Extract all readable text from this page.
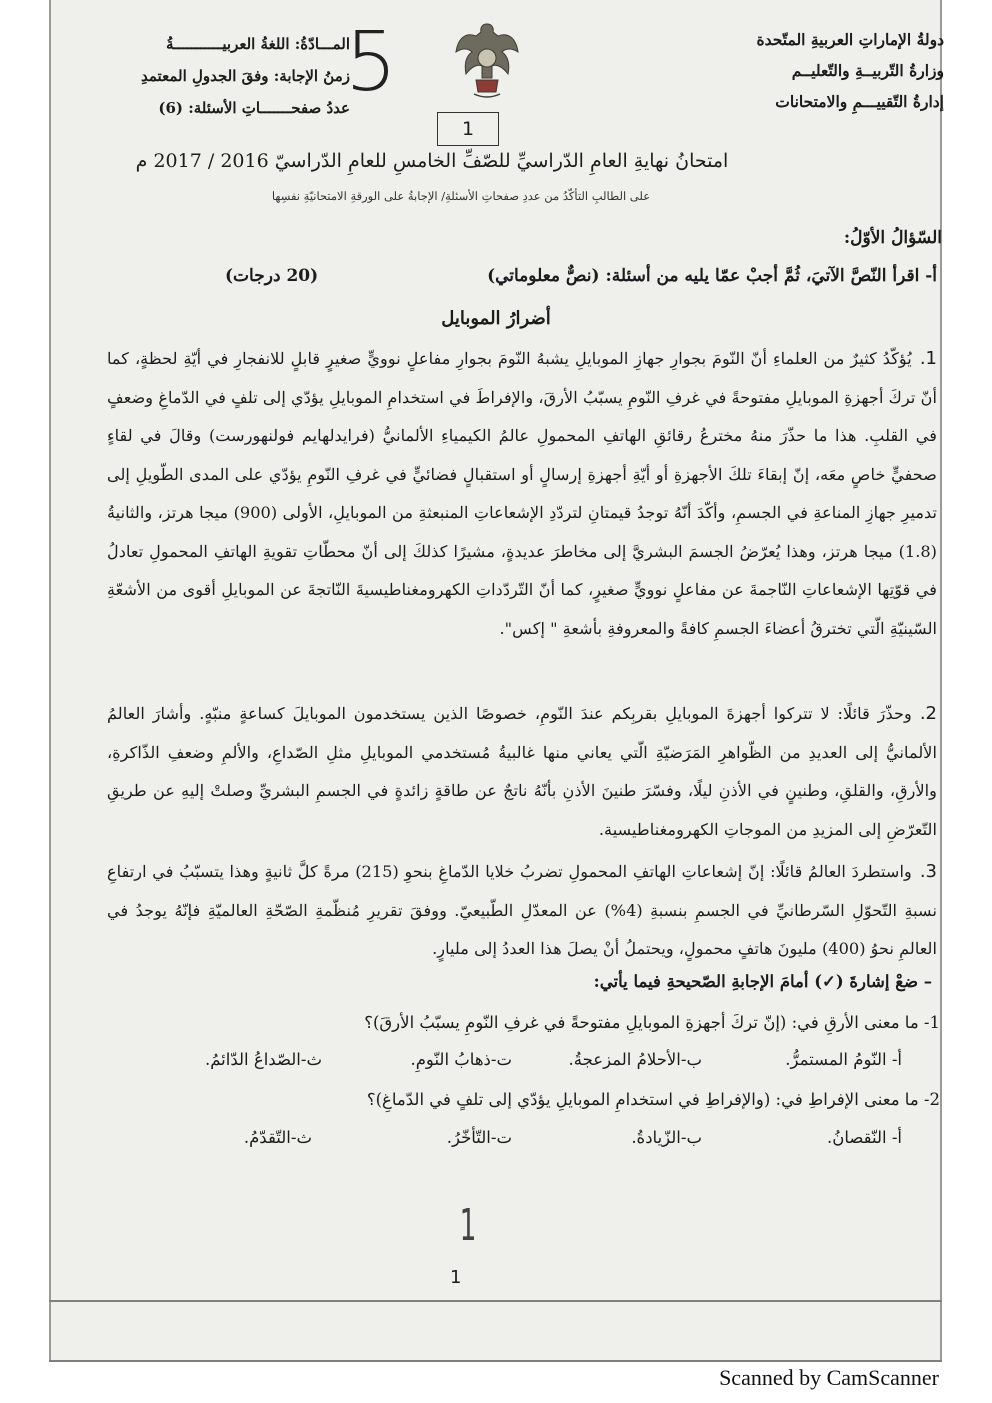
دولةُ الإماراتِ العربيةِ المتّحدة
وزارةُ التّربيــةِ والتّعليــم
إدارةُ التّقييـــمِ والامتحانات
5
المـــادّةُ: اللغةُ العربيـــــــــــةُ
زمنُ الإجابة: وفقَ الجدولِ المعتمدِ
عددُ صفحـــــــاتِ الأسئلة: (6)
1
امتحانُ نهايةِ العامِ الدّراسيِّ للصّفِّ الخامسِ للعامِ الدّراسيّ 2016 / 2017 م
على الطالبِ التأكّدُ من عددِ صفحاتِ الأسئلةِ/ الإجابةُ على الورقةِ الامتحانيّةِ نفسِها
السّؤالُ الأوّلُ:
أ- اقرأ النّصَّ الآتيَ، ثُمَّ أجبْ عمّا يليه من أسئلة: (نصٌّ معلوماتي)
(20 درجات)
أضرارُ الموبايل
1.يُؤكّدُ كثيرٌ من العلماءِ أنّ النّومَ بجوارِ جهازِ الموبايلِ يشبهُ النّومَ بجوارِ مفاعلٍ نوويٍّ صغيرٍ قابلٍ للانفجارِ في أيّةِ لحظةٍ، كما أنّ تركَ أجهزةِ الموبايلِ مفتوحةً في غرفِ النّومِ يسبّبُ الأرقَ، والإفراطَ في استخدامِ الموبايلِ يؤدّي إلى تلفٍ في الدّماغِ وضعفٍ في القلبِ. هذا ما حذّرَ منهُ مخترعُ رقائقِ الهاتفِ المحمولِ عالمُ الكيمياءِ الألمانيُّ (فرايدلهايم فولنهورست) وقالَ في لقاءٍ صحفيٍّ خاصٍ معَه، إنّ إبقاءَ تلكَ الأجهزةِ أو أيّةِ أجهزةِ إرسالٍ أو استقبالٍ فضائيٍّ في غرفِ النّومِ يؤدّي على المدى الطّويلِ إلى تدميرِ جهازِ المناعةِ في الجسمِ، وأكّدَ أنّهُ توجدُ قيمتانِ لتردّدِ الإشعاعاتِ المنبعثةِ من الموبايلِ، الأولى (900) ميجا هرتز، والثانيةُ (1.8) ميجا هرتز، وهذا يُعرّضُ الجسمَ البشريَّ إلى مخاطرَ عديدةٍ، مشيرًا كذلكَ إلى أنّ محطّاتِ تقويةِ الهاتفِ المحمولِ تعادلُ في قوّتِها الإشعاعاتِ النّاجمةَ عن مفاعلٍ نوويٍّ صغيرٍ، كما أنّ التّردّداتِ الكهرومغناطيسيةَ النّاتجةَ عن الموبايلِ أقوى من الأشعّةِ السّينيّةِ الّتي تخترقُ أعضاءَ الجسمِ كافةً والمعروفةِ بأشعةِ " إكس".
2.وحذّرَ قائلًا: لا تتركوا أجهزةَ الموبايلِ بقربِكم عندَ النّومِ، خصوصًا الذين يستخدمون الموبايلَ كساعةٍ منبّهٍ. وأشارَ العالمُ الألمانيُّ إلى العديدِ من الظّواهرِ المَرَضيّةِ الّتي يعاني منها غالبيةُ مُستخدمي الموبايلِ مثلِ الصّداعِ، والألمِ وضعفِ الذّاكرةِ، والأرقِ، والقلقِ، وطنينٍ في الأذنِ ليلًا، وفسّرَ طنينَ الأذنِ بأنّهُ ناتجٌ عن طاقةٍ زائدةٍ في الجسمِ البشريِّ وصلتْ إليهِ عن طريقِ التّعرّضِ إلى المزيدِ من الموجاتِ الكهرومغناطيسية.
3.واستطردَ العالمُ قائلًا: إنّ إشعاعاتِ الهاتفِ المحمولِ تضربُ خلايا الدّماغِ بنحوِ (215) مرةً كلَّ ثانيةٍ وهذا يتسبّبُ في ارتفاعِ نسبةِ التّحوّلِ السّرطانيِّ في الجسمِ بنسبةِ (4%) عن المعدّلِ الطّبيعيّ. ووفقَ تقريرِ مُنظّمةِ الصّحّةِ العالميّةِ فإنّهُ يوجدُ في العالمِ نحوُ (400) مليونَ هاتفٍ محمولٍ، ويحتملُ أنْ يصلَ هذا العددُ إلى مليارٍ.
– ضعْ إشارةَ (✓) أمامَ الإجابةِ الصّحيحةِ فيما يأتي:
1- ما معنى الأرقِ في: (إنّ تركَ أجهزةِ الموبايلِ مفتوحةً في غرفِ النّومِ يسبّبُ الأرقَ)؟
أ- النّومُ المستمرُّ.
ب-الأحلامُ المزعجةُ.
ت-ذهابُ النّومِ.
ث-الصّداعُ الدّائمُ.
2- ما معنى الإفراطِ في: (والإفراطِ في استخدامِ الموبايلِ يؤدّي إلى تلفٍ في الدّماغِ)؟
أ- النّقصانُ.
ب-الزّيادةُ.
ت-التّأخّرُ.
ث-التّقدّمُ.
1
1
Scanned by CamScanner
